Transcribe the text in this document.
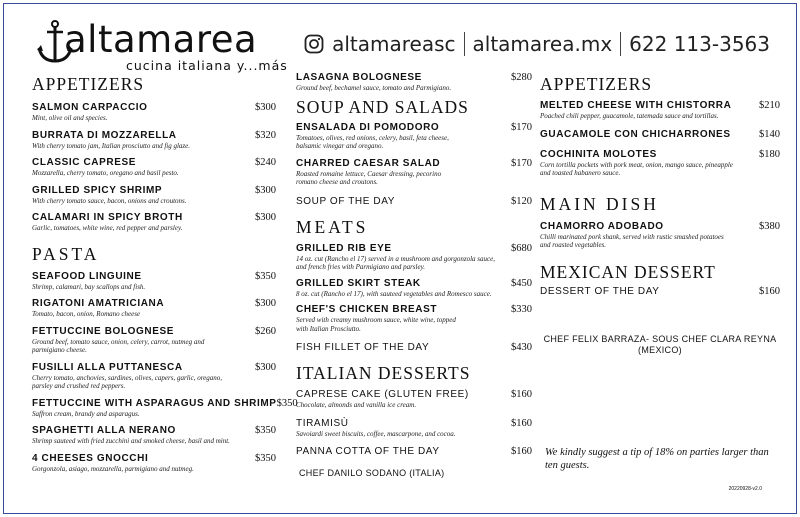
altamarea
cucina italiana y...más
altamareasc altamarea.mx 622 113-3563
APPETIZERS
SALMON CARPACCIO	$300
Mint, olive oil and species.
BURRATA DI MOZZARELLA	$320
With cherry tomato jam, Italian prosciutto and fig glaze.
CLASSIC CAPRESE	$240
Mozzarella, cherry tomato, oregano and basil pesto.
GRILLED SPICY SHRIMP	$300
With cherry tomato sauce, bacon, onions and croutons.
CALAMARI IN SPICY BROTH	$300
Garlic, tomatoes, white wine, red pepper and parsley.
PASTA
SEAFOOD LINGUINE	$350
Shrimp, calamari, bay scallops and fish.
RIGATONI AMATRICIANA	$300
Tomato, bacon, onion, Romano cheese
FETTUCCINE BOLOGNESE	$260
Ground beef, tomato sauce, onion, celery, carrot, nutmeg and parmigiano cheese.
FUSILLI ALLA PUTTANESCA	$300
Cherry tomato, anchovies, sardines, olives, capers, garlic, oregano, parsley and crushed red peppers.
FETTUCCINE WITH ASPARAGUS AND SHRIMP $350
Saffron cream, brandy and asparagus.
SPAGHETTI ALLA NERANO	$350
Shrimp sauteed with fried zucchini and smoked cheese, basil and mint.
4 CHEESES GNOCCHI	$350
Gorgonzola, asiago, mozzarella, parmigiano and nutmeg.
LASAGNA BOLOGNESE	$280
Ground beef, bechamel sauce, tomato and Parmigiano.
SOUP AND SALADS
ENSALADA DI POMODORO	$170
Tomatoes, olives, red onions, celery, basil, feta cheese, balsamic vinegar and oregano.
CHARRED CAESAR SALAD	$170
Roasted romaine lettuce, Caesar dressing, pecorino romano cheese and croutons.
SOUP OF THE DAY	$120
MEATS
GRILLED RIB EYE	$680
14 oz. cut (Rancho el 17) served in a mushroom and gorgonzola sauce, and french fries with Parmigiano and parsley.
GRILLED SKIRT STEAK	$450
8 oz. cut (Rancho el 17), with sauteed vegetables and Romesco sauce.
CHEF'S CHICKEN BREAST	$330
Served with creamy mushroom sauce, white wine, topped with Italian Prosciutto.
FISH FILLET OF THE DAY	$430
ITALIAN DESSERTS
CAPRESE CAKE (GLUTEN FREE)	$160
Chocolate, almonds and vanilla ice cream.
TIRAMISÙ	$160
Savoiardi sweet biscuits, coffee, mascarpone, and cocoa.
PANNA COTTA OF THE DAY	$160
CHEF DANILO SODANO (ITALIA)
APPETIZERS
MELTED CHEESE WITH CHISTORRA	$210
Poached chili pepper, guacamole, tatemada sauce and tortillas.
GUACAMOLE CON CHICHARRONES	$140
COCHINITA MOLOTES	$180
Corn tortilla pockets with pork meat, onion, mango sauce, pineapple and toasted habanero sauce.
MAIN DISH
CHAMORRO ADOBADO	$380
Chilli marinated pork shank, served with rustic smashed potatoes and roasted vegetables.
MEXICAN DESSERT
DESSERT OF THE DAY	$160
CHEF FELIX BARRAZA- SOUS CHEF CLARA REYNA (MEXICO)
We kindly suggest a tip of 18% on parties larger than ten guests.
20220928-v2.0
